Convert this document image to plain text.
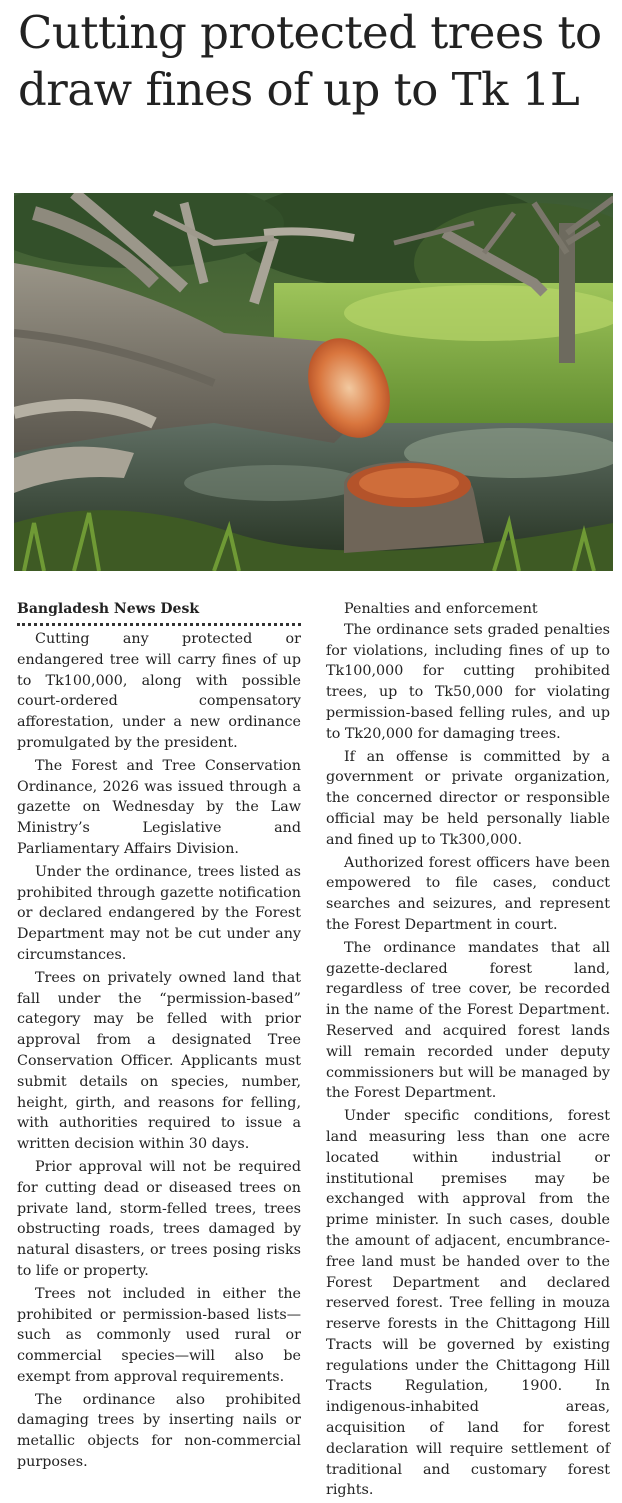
Cutting protected trees to draw fines of up to Tk 1L
Bangladesh News Desk

Cutting any protected or endangered tree will carry fines of up to Tk100,000, along with possible court-ordered compensatory afforestation, under a new ordinance promulgated by the president.

The Forest and Tree Conservation Ordinance, 2026 was issued through a gazette on Wednesday by the Law Ministry’s Legislative and Parliamentary Affairs Division.

Under the ordinance, trees listed as prohibited through gazette notification or declared endangered by the Forest Department may not be cut under any circumstances.

Trees on privately owned land that fall under the “permission-based” category may be felled with prior approval from a designated Tree Conservation Officer. Applicants must submit details on species, number, height, girth, and reasons for felling, with authorities required to issue a written decision within 30 days.

Prior approval will not be required for cutting dead or diseased trees on private land, storm-felled trees, trees obstructing roads, trees damaged by natural disasters, or trees posing risks to life or property.

Trees not included in either the prohibited or permission-based lists—such as commonly used rural or commercial species—will also be exempt from approval requirements.

The ordinance also prohibited damaging trees by inserting nails or metallic objects for non-commercial purposes.

Penalties and enforcement

The ordinance sets graded penalties for violations, including fines of up to Tk100,000 for cutting prohibited trees, up to Tk50,000 for violating permission-based felling rules, and up to Tk20,000 for damaging trees.

If an offense is committed by a government or private organization, the concerned director or responsible official may be held personally liable and fined up to Tk300,000.

Authorized forest officers have been empowered to file cases, conduct searches and seizures, and represent the Forest Department in court.

The ordinance mandates that all gazette-declared forest land, regardless of tree cover, be recorded in the name of the Forest Department. Reserved and acquired forest lands will remain recorded under deputy commissioners but will be managed by the Forest Department.

Under specific conditions, forest land measuring less than one acre located within industrial or institutional premises may be exchanged with approval from the prime minister. In such cases, double the amount of adjacent, encumbrance-free land must be handed over to the Forest Department and declared reserved forest. Tree felling in mouza reserve forests in the Chittagong Hill Tracts will be governed by existing regulations under the Chittagong Hill Tracts Regulation, 1900. In indigenous-inhabited areas, acquisition of land for forest declaration will require settlement of traditional and customary forest rights.
